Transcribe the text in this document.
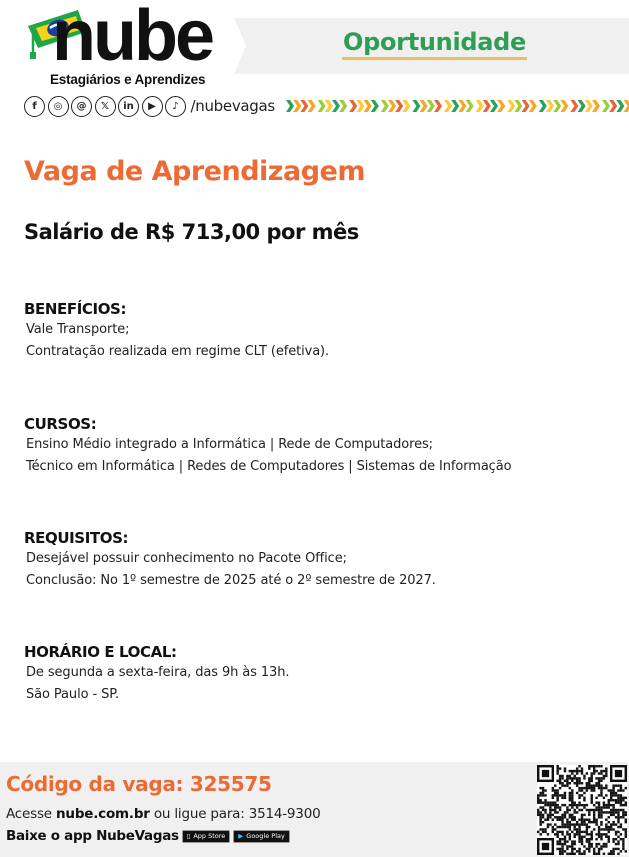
nube
Estagiários e Aprendizes
Oportunidade
f	◎	@	𝕏	in	▶	♪ /nubevagas
Vaga de Aprendizagem
Salário de R$ 713,00 por mês
BENEFÍCIOS:
Vale Transporte;
Contratação realizada em regime CLT (efetiva).
CURSOS:
Ensino Médio integrado a Informática | Rede de Computadores;
Técnico em Informática | Redes de Computadores | Sistemas de Informação
REQUISITOS:
Desejável possuir conhecimento no Pacote Office;
Conclusão: No 1º semestre de 2025 até o 2º semestre de 2027.
HORÁRIO E LOCAL:
De segunda a sexta-feira, das 9h às 13h.
São Paulo - SP.
Código da vaga: 325575
Acesse nube.com.br ou ligue para: 3514-9300
Baixe o app NubeVagas ▯ App Store ▶ Google Play
